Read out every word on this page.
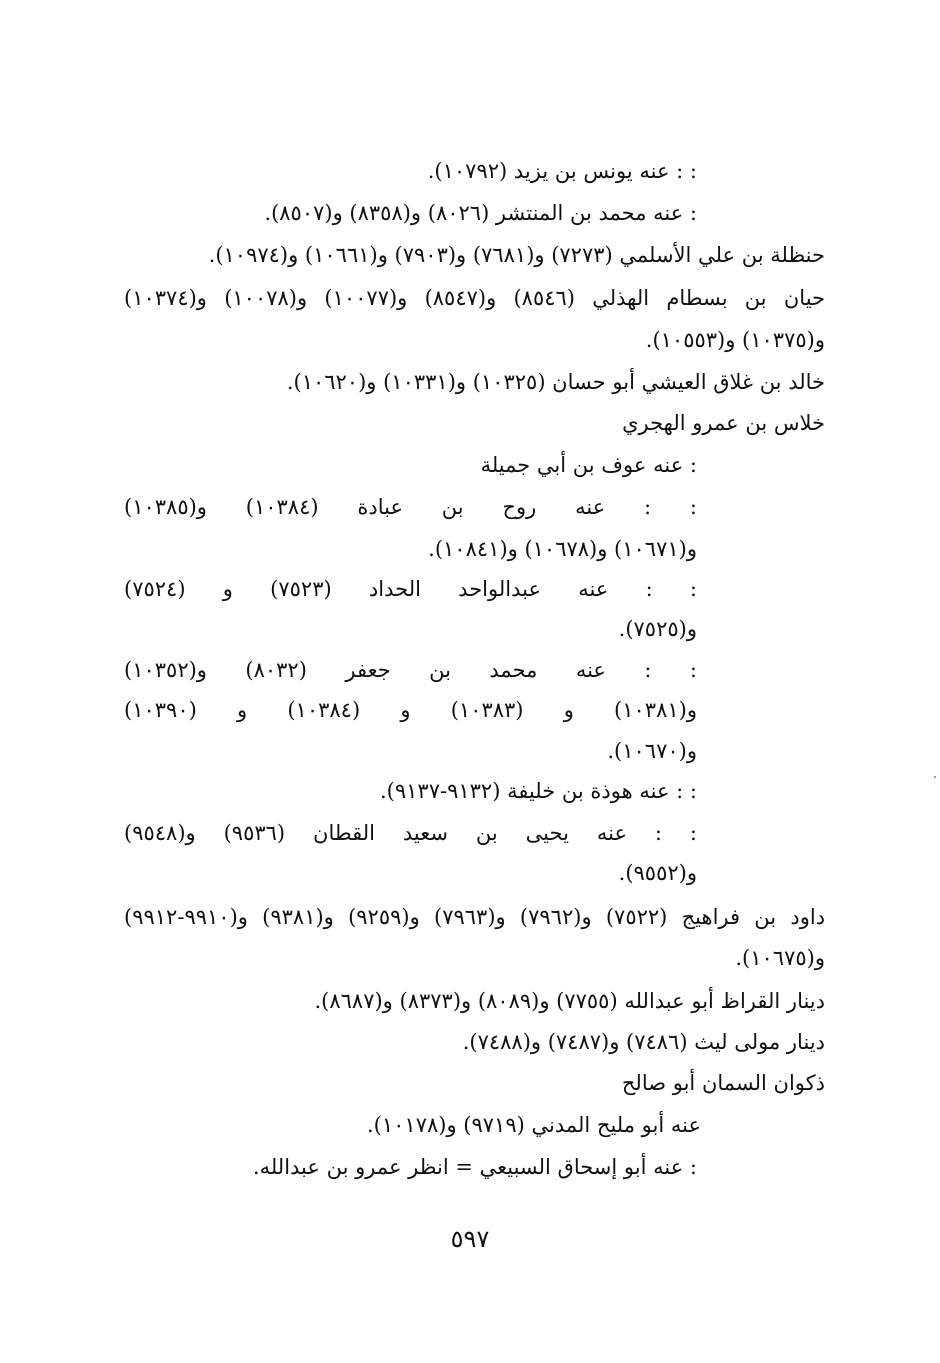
: : عنه يونس بن يزيد (١٠٧٩٢).
: عنه محمد بن المنتشر (٨٠٢٦) و(٨٣٥٨) و(٨٥٠٧).
حنظلة بن علي الأسلمي (٧٢٧٣) و(٧٦٨١) و(٧٩٠٣) و(١٠٦٦١) و(١٠٩٧٤).
حيان بن بسطام الهذلي (٨٥٤٦) و(٨٥٤٧) و(١٠٠٧٧) و(١٠٠٧٨) و(١٠٣٧٤)
و(١٠٣٧٥) و(١٠٥٥٣).
خالد بن غلاق العيشي أبو حسان (١٠٣٢٥) و(١٠٣٣١) و(١٠٦٢٠).
خلاس بن عمرو الهجري
: عنه عوف بن أبي جميلة
: : عنه روح بن عبادة (١٠٣٨٤) و(١٠٣٨٥)
و(١٠٦٧١) و(١٠٦٧٨) و(١٠٨٤١).
: : عنه عبدالواحد الحداد (٧٥٢٣) و (٧٥٢٤)
و(٧٥٢٥).
: : عنه محمد بن جعفر (٨٠٣٢) و(١٠٣٥٢)
و(١٠٣٨١) و (١٠٣٨٣) و (١٠٣٨٤) و (١٠٣٩٠)
و(١٠٦٧٠).
: : عنه هوذة بن خليفة (٩١٣٢-٩١٣٧).
: : عنه يحيى بن سعيد القطان (٩٥٣٦) و(٩٥٤٨)
و(٩٥٥٢).
داود بن فراهيج (٧٥٢٢) و(٧٩٦٢) و(٧٩٦٣) و(٩٢٥٩) و(٩٣٨١) و(٩٩١٠-٩٩١٢)
و(١٠٦٧٥).
دينار القراظ أبو عبدالله (٧٧٥٥) و(٨٠٨٩) و(٨٣٧٣) و(٨٦٨٧).
دينار مولى ليث (٧٤٨٦) و(٧٤٨٧) و(٧٤٨٨).
ذكوان السمان أبو صالح
عنه أبو مليح المدني (٩٧١٩) و(١٠١٧٨).
: عنه أبو إسحاق السبيعي = انظر عمرو بن عبدالله.
٥٩٧
